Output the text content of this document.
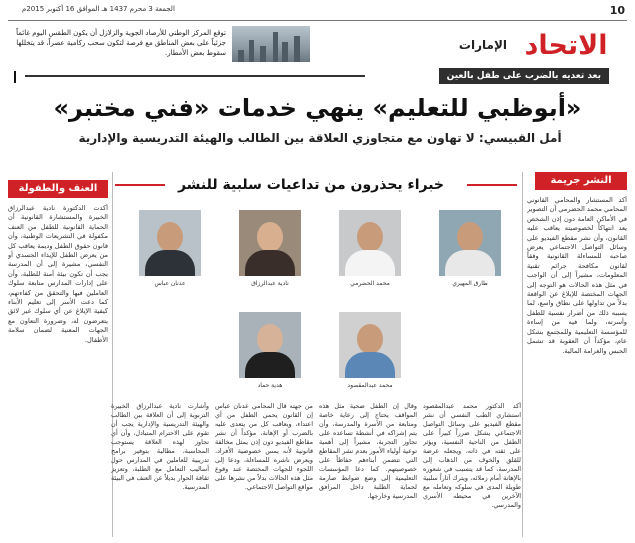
10
الجمعة 3 محرم 1437 هـ الموافق 16 أكتوبر 2015م
الاتحاد
الإمارات
توقع المركز الوطني للأرصاد الجوية والزلازل أن يكون الطقس اليوم غائماً جزئياً على بعض المناطق مع فرصة لتكون سحب ركامية عصراً، قد يتخللها سقوط بعض الأمطار.
بعد تعديه بالضرب على طفل بالعين
«أبوظبي للتعليم» ينهي خدمات «فني مختبر»
أمل القبيسي: لا تهاون مع متجاوزي العلاقة بين الطالب والهيئة التدريسية والإدارية
النشر جريمة
أكد المستشار والمحامي القانوني المحامي محمد الحضرمي أن التصوير في الأماكن العامة دون إذن الشخص يعد انتهاكاً لخصوصيته يعاقب عليه القانون، وأن نشر مقطع الفيديو على وسائل التواصل الاجتماعي يعرض صاحبه للمساءلة القانونية وفقاً لقانون مكافحة جرائم تقنية المعلومات، مشيراً إلى أن الواجب في مثل هذه الحالات هو التوجه إلى الجهات المختصة للإبلاغ عن الواقعة بدلاً من تداولها على نطاق واسع، لما يسببه ذلك من أضرار نفسية للطفل وأسرته، ولما فيه من إساءة للمؤسسة التعليمية وللمجتمع بشكل عام، مؤكداً أن العقوبة قد تشمل الحبس والغرامة المالية.
العنف والطفولة
أكدت الدكتورة نادية عبدالرزاق الخبيرة والمستشارة القانونية أن الحماية القانونية للطفل من العنف مكفولة في التشريعات الوطنية، وأن قانون حقوق الطفل وديمة يعاقب كل من يعرض الطفل للإيذاء الجسدي أو النفسي، مشيرة إلى أن المدرسة يجب أن تكون بيئة آمنة للطلبة، وأن على إدارات المدارس متابعة سلوك العاملين فيها والتحقق من كفاءتهم، كما دعت الأسر إلى تعليم الأبناء كيفية الإبلاغ عن أي سلوك غير لائق يتعرضون له، وضرورة التعاون مع الجهات المعنية لضمان سلامة الأطفال.
خبراء يحذرون من تداعيات سلبية للنشر
طارق المهيري
محمد الحضرمي
نادية عبدالرزاق
عدنان عباس
محمد عبدالمقصود
هدية حماد
أكد الدكتور محمد عبدالمقصود استشاري الطب النفسي أن نشر مقطع الفيديو على وسائل التواصل الاجتماعي يشكل ضرراً كبيراً على الطفل من الناحية النفسية، ويؤثر على ثقته في ذاته، ويجعله عرضة للقلق والخوف من الذهاب إلى المدرسة، كما قد يتسبب في شعوره بالإهانة أمام زملائه، ويترك آثاراً سلبية طويلة المدى في سلوكه وتعامله مع الآخرين في محيطه الأسري والمدرسي.
وقال إن الطفل ضحية مثل هذه المواقف يحتاج إلى رعاية خاصة ومتابعة من الأسرة والمدرسة، وأن يتم إشراكه في أنشطة تساعده على تجاوز التجربة، مشيراً إلى أهمية توعية أولياء الأمور بعدم نشر المقاطع التي تتضمن أبناءهم حفاظاً على خصوصيتهم. كما دعا المؤسسات التعليمية إلى وضع ضوابط صارمة لحماية الطلبة داخل المرافق المدرسية وخارجها.
من جهته قال المحامي عدنان عباس إن القانون يحمي الطفل من أي اعتداء، ويعاقب كل من يتعدى عليه بالضرب أو الإهانة، مؤكداً أن نشر مقاطع الفيديو دون إذن يمثل مخالفة قانونية لأنه يمس خصوصية الأفراد، ويعرض ناشره للمساءلة، ودعا إلى اللجوء للجهات المختصة عند وقوع مثل هذه الحالات بدلاً من نشرها على مواقع التواصل الاجتماعي.
وأشارت نادية عبدالرزاق الخبيرة التربوية إلى أن العلاقة بين الطالب والهيئة التدريسية والإدارية يجب أن تقوم على الاحترام المتبادل، وأن أي تجاوز لهذه العلاقة يستوجب المحاسبة، مطالبة بتوفير برامج تدريبية للعاملين في المدارس حول أساليب التعامل مع الطلبة، وتعزيز ثقافة الحوار بديلاً عن العنف في البيئة المدرسية.
